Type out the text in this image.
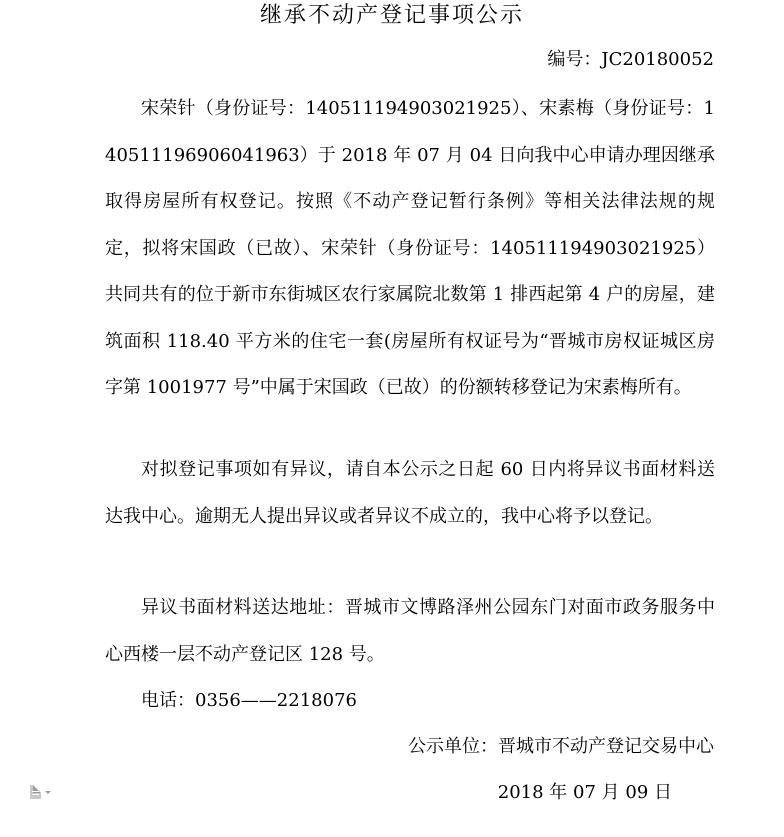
继承不动产登记事项公示
编号：JC20180052

宋荣针（身份证号：140511194903021925）、宋素梅（身份证号：140511196906041963）于 2018 年 07 月 04 日向我中心申请办理因继承取得房屋所有权登记。按照《不动产登记暂行条例》等相关法律法规的规定，拟将宋国政（已故）、宋荣针（身份证号：140511194903021925）共同共有的位于新市东街城区农行家属院北数第 1 排西起第 4 户的房屋，建筑面积 118.40 平方米的住宅一套(房屋所有权证号为“晋城市房权证城区房字第 1001977 号”中属于宋国政（已故）的份额转移登记为宋素梅所有。

对拟登记事项如有异议，请自本公示之日起 60 日内将异议书面材料送达我中心。逾期无人提出异议或者异议不成立的，我中心将予以登记。

异议书面材料送达地址：晋城市文博路泽州公园东门对面市政务服务中心西楼一层不动产登记区 128 号。

电话：0356——2218076

公示单位：晋城市不动产登记交易中心
2018 年 07 月 09 日
